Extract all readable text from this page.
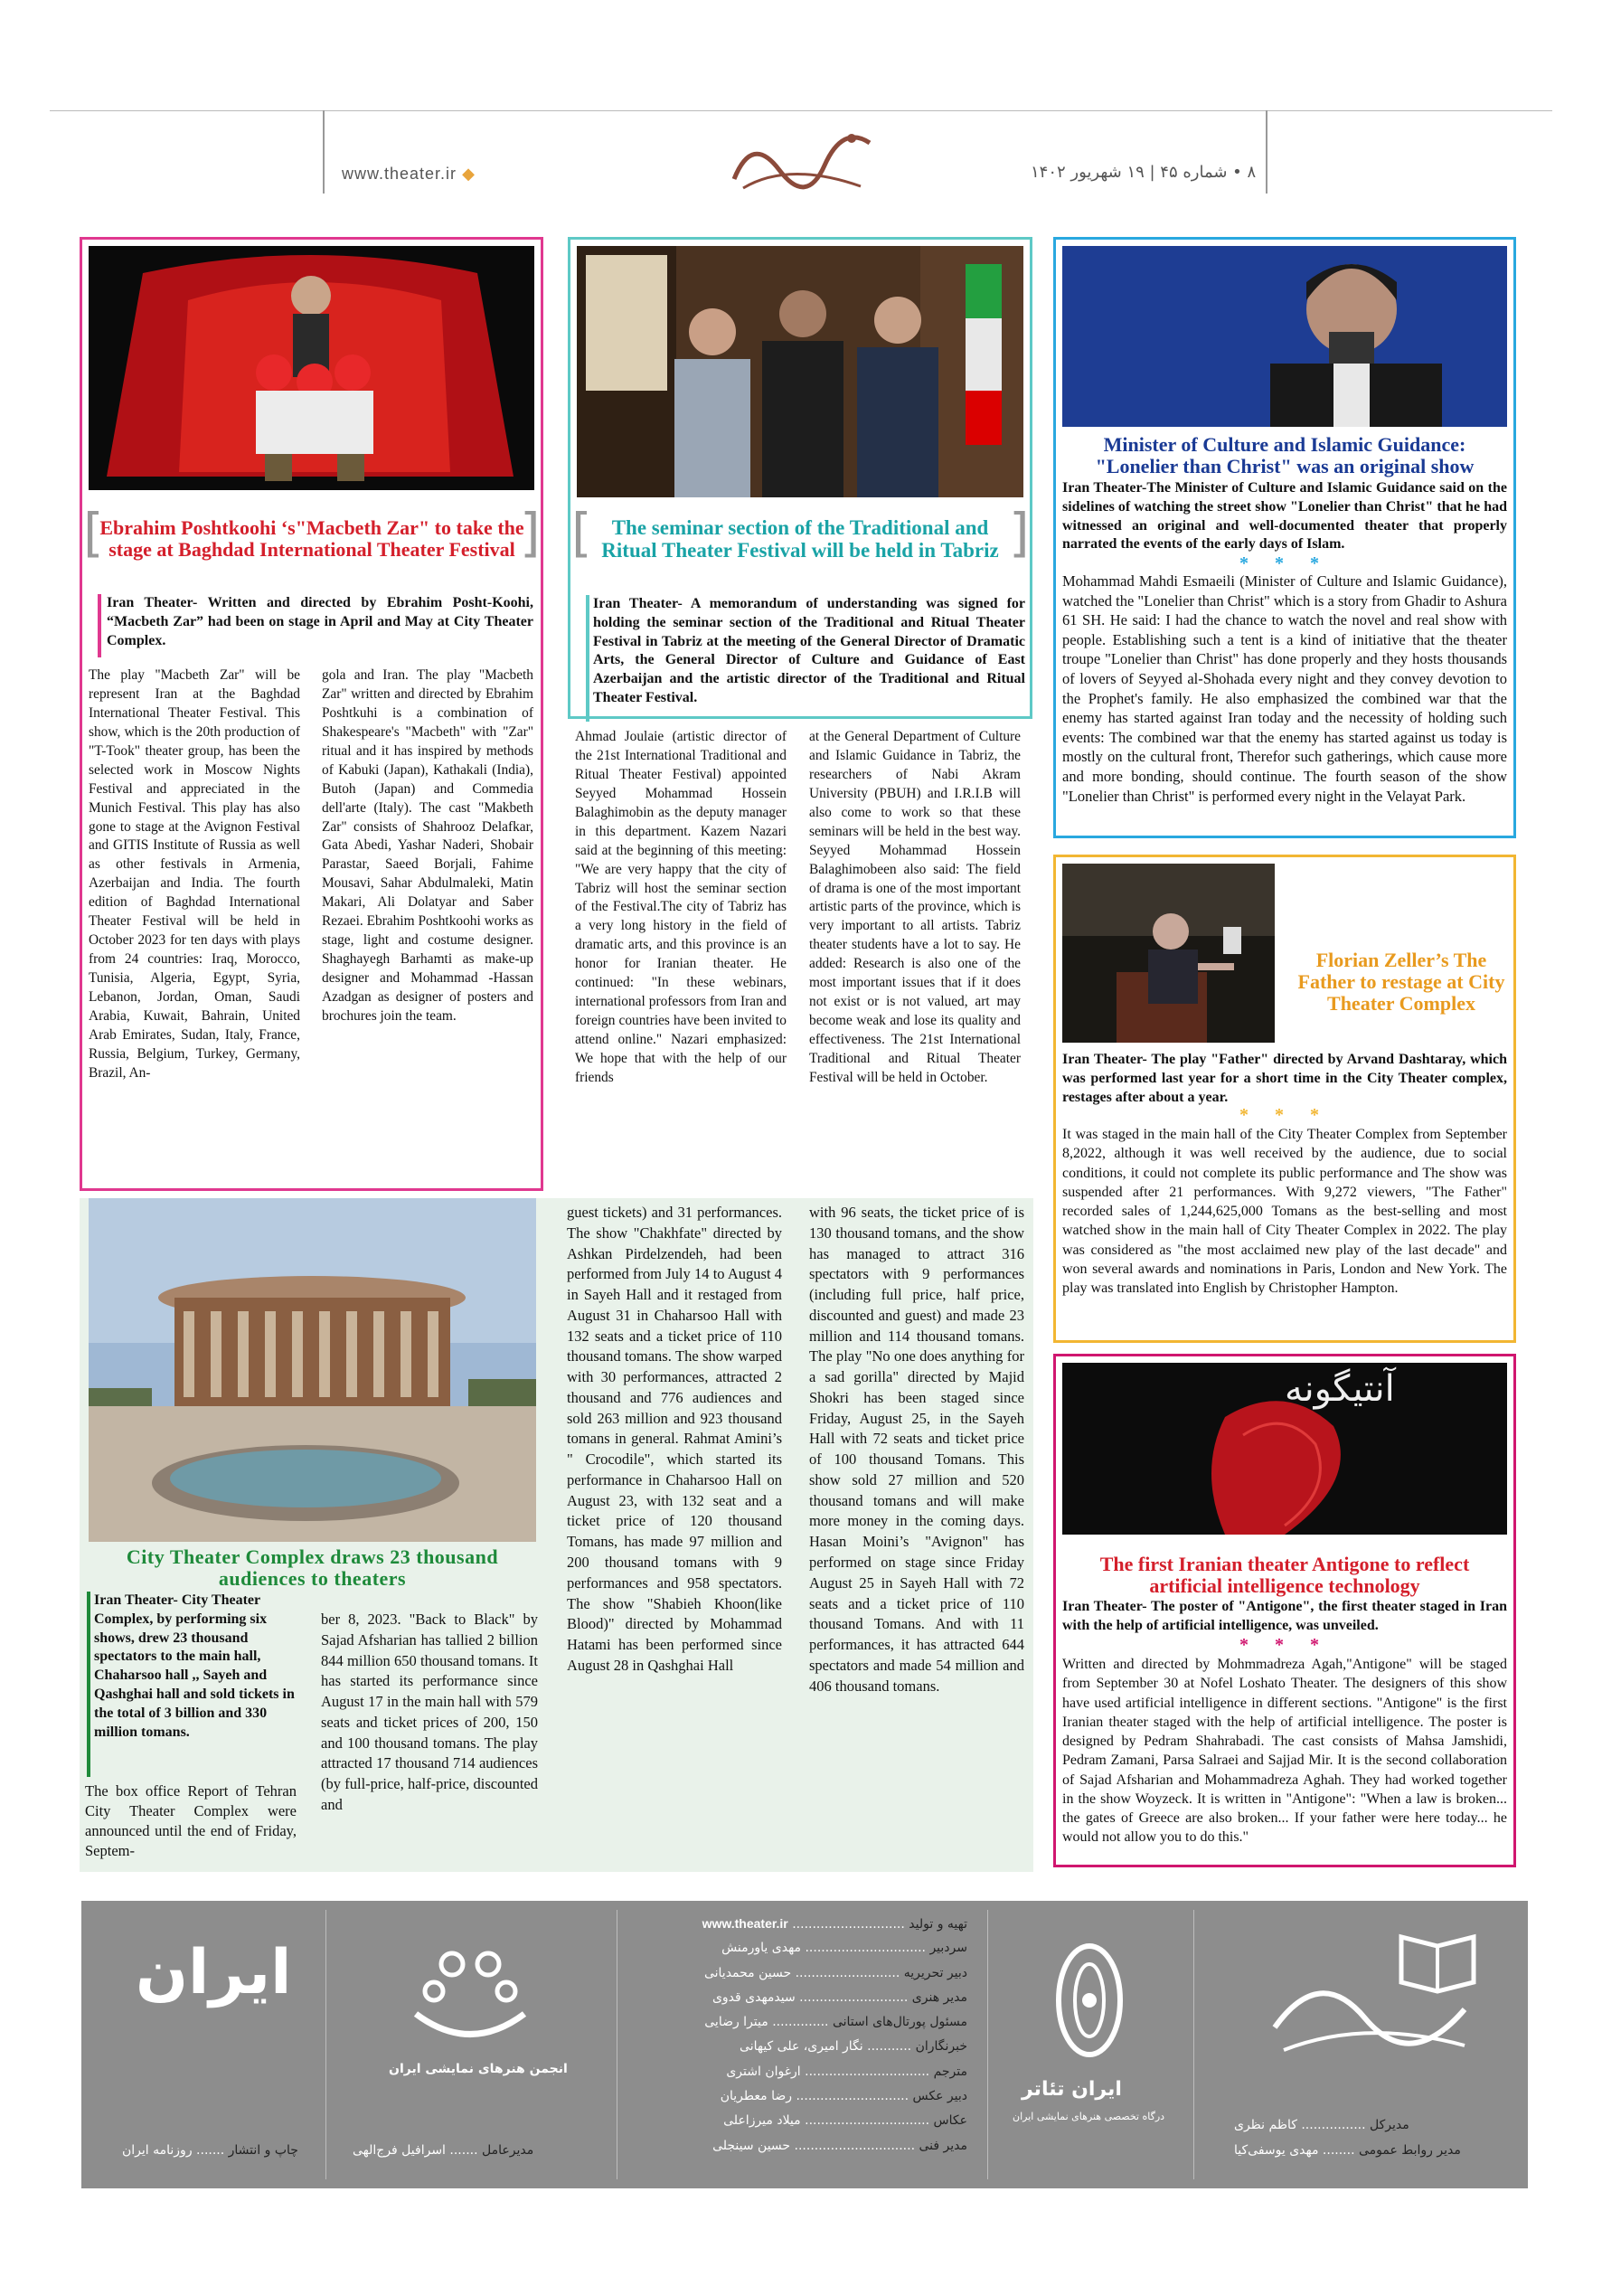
www.theater.ir ◆	۸ • شماره ۴۵ | ۱۹ شهریور ۱۴۰۲
[	]
Ebrahim Poshtkoohi ‘s"Macbeth Zar" to take the stage at Baghdad International Theater Festival
Iran Theater- Written and directed by Ebrahim Posht-Koohi, “Macbeth Zar” had been on stage in April and May at City Theater Complex.
The play "Macbeth Zar" will be represent Iran at the Baghdad International Theater Festival. This show, which is the 20th production of "T-Took" theater group, has been the selected work in Moscow Nights Festival and appreciated in the Munich Festival. This play has also gone to stage at the Avignon Festival and GITIS Institute of Russia as well as other festivals in Armenia, Azerbaijan and India. The fourth edition of Baghdad International Theater Festival will be held in October 2023 for ten days with plays from 24 countries: Iraq, Morocco, Tunisia, Algeria, Egypt, Syria, Lebanon, Jordan, Oman, Saudi Arabia, Kuwait, Bahrain, United Arab Emirates, Sudan, Italy, France, Russia, Belgium, Turkey, Germany, Brazil, An-
gola and Iran. The play "Macbeth Zar" written and directed by Ebrahim Poshtkuhi is a combination of Shakespeare's "Macbeth" with "Zar" ritual and it has inspired by methods of Kabuki (Japan), Kathakali (India), Butoh (Japan) and Commedia dell'arte (Italy). The cast "Makbeth Zar" consists of Shahrooz Delafkar, Gata Abedi, Yashar Naderi, Shobair Parastar, Saeed Borjali, Fahime Mousavi, Sahar Abdulmaleki, Matin Makari, Ali Dolatyar and Saber Rezaei. Ebrahim Poshtkoohi works as stage, light and costume designer. Shaghayegh Barhamti as make-up designer and Mohammad -Hassan Azadgan as designer of posters and brochures join the team.
[	]
The seminar section of the Traditional and Ritual Theater Festival will be held in Tabriz
Iran Theater- A memorandum of understanding was signed for holding the seminar section of the Traditional and Ritual Theater Festival in Tabriz at the meeting of the General Director of Dramatic Arts, the General Director of Culture and Guidance of East Azerbaijan and the artistic director of the Traditional and Ritual Theater Festival.
Ahmad Joulaie (artistic director of the 21st International Traditional and Ritual Theater Festival) appointed Seyyed Mohammad Hossein Balaghimobin as the deputy manager in this department. Kazem Nazari said at the beginning of this meeting: "We are very happy that the city of Tabriz will host the seminar section of the Festival.The city of Tabriz has a very long history in the field of dramatic arts, and this province is an honor for Iranian theater. He continued: "In these webinars, international professors from Iran and foreign countries have been invited to attend online." Nazari emphasized: We hope that with the help of our friends
at the General Department of Culture and Islamic Guidance in Tabriz, the researchers of Nabi Akram University (PBUH) and I.R.I.B will also come to work so that these seminars will be held in the best way. Seyyed Mohammad Hossein Balaghimobeen also said: The field of drama is one of the most important artistic parts of the province, which is very important to all artists. Tabriz theater students have a lot to say. He added: Research is also one of the most important issues that if it does not exist or is not valued, art may become weak and lose its quality and effectiveness. The 21st International Traditional and Ritual Theater Festival will be held in October.
Minister of Culture and Islamic Guidance: "Lonelier than Christ" was an original show
Iran Theater-The Minister of Culture and Islamic Guidance said on the sidelines of watching the street show "Lonelier than Christ" that he had witnessed an original and well-documented theater that properly narrated the events of the early days of Islam.
* * *
Mohammad Mahdi Esmaeili (Minister of Culture and Islamic Guidance), watched the "Lonelier than Christ" which is a story from Ghadir to Ashura 61 SH. He said: I had the chance to watch the novel and real show with people. Establishing such a tent is a kind of initiative that the theater troupe "Lonelier than Christ" has done properly and they hosts thousands of lovers of Seyyed al-Shohada every night and they convey devotion to the Prophet's family. He also emphasized the combined war that the enemy has started against Iran today and the necessity of holding such events: The combined war that the enemy has started against us today is mostly on the cultural front, Therefor such gatherings, which cause more and more bonding, should continue. The fourth season of the show "Lonelier than Christ" is performed every night in the Velayat Park.
Florian Zeller’s The Father to restage at City Theater Complex
Iran Theater- The play "Father" directed by Arvand Dashtaray, which was performed last year for a short time in the City Theater complex, restages after about a year.
* * *
It was staged in the main hall of the City Theater Complex from September 8,2022, although it was well received by the audience, due to social conditions, it could not complete its public performance and The show was suspended after 21 performances. With 9,272 viewers, "The Father" recorded sales of 1,244,625,000 Tomans as the best-selling and most watched show in the main hall of City Theater Complex in 2022. The play was considered as "the most acclaimed new play of the last decade" and won several awards and nominations in Paris, London and New York. The play was translated into English by Christopher Hampton.
آنتیگونه
The first Iranian theater Antigone to reflect artificial intelligence technology
Iran Theater- The poster of "Antigone", the first theater staged in Iran with the help of artificial intelligence, was unveiled.
* * *
Written and directed by Mohmmadreza Agah,"Antigone" will be staged from September 30 at Nofel Loshato Theater. The designers of this show have used artificial intelligence in different sections. "Antigone" is the first Iranian theater staged with the help of artificial intelligence. The poster is designed by Pedram Shahrabadi. The cast consists of Mahsa Jamshidi, Pedram Zamani, Parsa Salraei and Sajjad Mir. It is the second collaboration of Sajad Afsharian and Mohammadreza Aghah. They had worked together in the show Woyzeck. It is written in "Antigone": "When a law is broken... the gates of Greece are also broken... If your father were here today... he would not allow you to do this."
City Theater Complex draws 23 thousand audiences to theaters
Iran Theater- City Theater Complex, by performing six shows, drew 23 thousand spectators to the main hall, Chaharsoo hall ,, Sayeh and Qashghai hall and sold tickets in the total of 3 billion and 330 million tomans.
The box office Report of Tehran City Theater Complex were announced until the end of Friday, Septem-
ber 8, 2023. "Back to Black" by Sajad Afsharian has tallied 2 billion 844 million 650 thousand tomans. It has started its performance since August 17 in the main hall with 579 seats and ticket prices of 200, 150 and 100 thousand tomans. The play attracted 17 thousand 714 audiences (by full-price, half-price, discounted and
guest tickets) and 31 performances. The show "Chakhfate" directed by Ashkan Pirdelzendeh, had been performed from July 14 to August 4 in Sayeh Hall and it restaged from August 31 in Chaharsoo Hall with 132 seats and a ticket price of 110 thousand tomans. The show warped with 30 performances, attracted 2 thousand and 776 audiences and sold 263 million and 923 thousand tomans in general. Rahmat Amini’s " Crocodile", which started its performance in Chaharsoo Hall on August 23, with 132 seat and a ticket price of 120 thousand Tomans, has made 97 million and 200 thousand tomans with 9 performances and 958 spectators. The show "Shabieh Khoon(like Blood)" directed by Mohammad Hatami has been performed since August 28 in Qashghai Hall
with 96 seats, the ticket price of is 130 thousand tomans, and the show has managed to attract 316 spectators with 9 performances (including full price, half price, discounted and guest) and made 23 million and 114 thousand tomans. The play "No one does anything for a sad gorilla" directed by Majid Shokri has been staged since Friday, August 25, in the Sayeh Hall with 72 seats and ticket price of 100 thousand Tomans. This show sold 27 million and 520 thousand tomans and will make more money in the coming days. Hasan Moini’s "Avignon" has performed on stage since Friday August 25 in Sayeh Hall with 72 seats and a ticket price of 110 thousand Tomans. And with 11 performances, it has attracted 644 spectators and made 54 million and 406 thousand tomans.
ایران
چاپ و انتشار ....... روزنامه ایران
انجمن هنرهای نمایشی ایران
مدیرعامل ....... اسرافیل فرج‌الهی
تهیه و تولید ............................ www.theater.ir
سردبیر .............................. مهدی یاورمنش
دبیر تحریریه .......................... حسین محمدیانی
مدیر هنری ........................... سیدمهدی قدوی
مسئول پورتال‌های استانی .............. میترا رضایی
خبرنگاران ........... نگار امیری، علی کیهانی
مترجم ............................... ارغوان اشتری
دبیر عکس ............................ رضا معطریان
عکاس ............................... میلاد میرزاعلی
مدیر فنی .............................. حسین سینجلی
ایران تئاتر
درگاه تخصصی هنرهای نمایشی ایران
مدیرکل ................ کاظم نظری
مدیر روابط عمومی ........ مهدی یوسفی‌کیا
